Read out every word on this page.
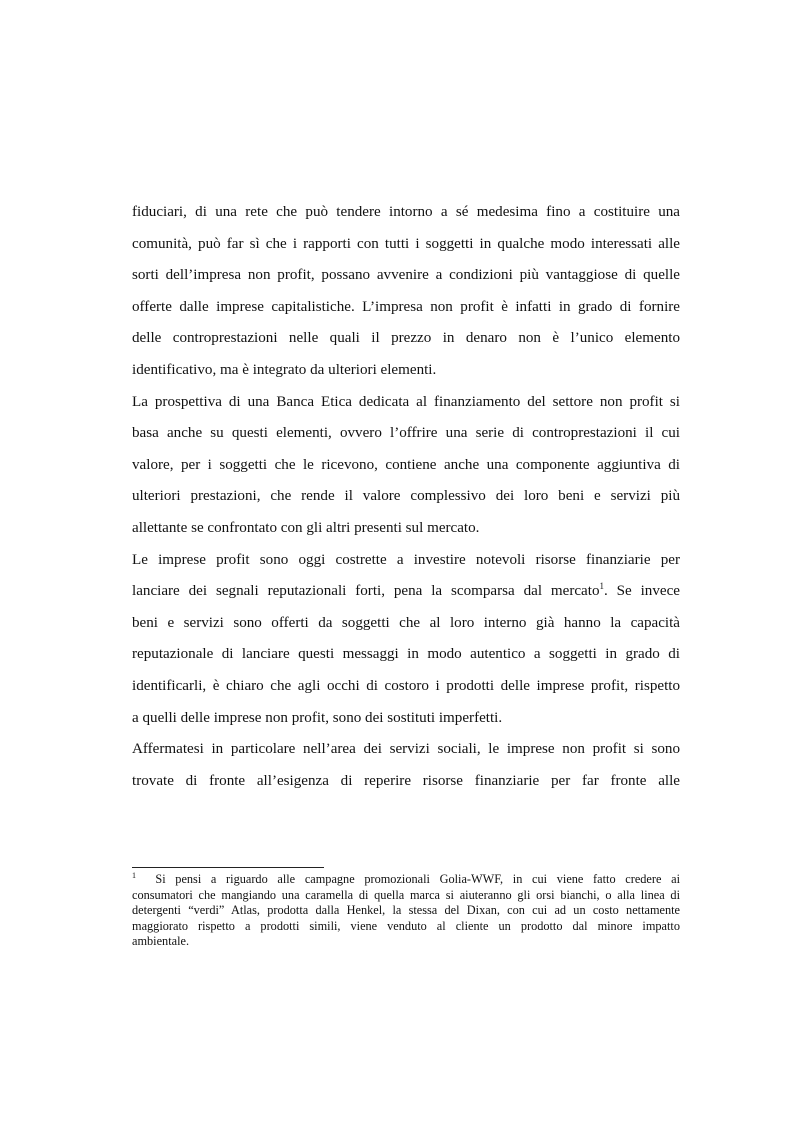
fiduciari, di una rete che può tendere intorno a sé medesima fino a costituire una
comunità, può far sì che i rapporti con tutti i soggetti in qualche modo interessati alle
sorti dell’impresa non profit, possano avvenire a condizioni più vantaggiose di quelle
offerte dalle imprese capitalistiche. L’impresa non profit è infatti in grado di fornire
delle controprestazioni nelle quali il prezzo in denaro non è l’unico elemento
identificativo, ma è integrato da ulteriori elementi.
La prospettiva di una Banca Etica dedicata al finanziamento del settore non profit si
basa anche su questi elementi, ovvero l’offrire una serie di controprestazioni il cui
valore, per i soggetti che le ricevono, contiene anche una componente aggiuntiva di
ulteriori prestazioni, che rende il valore complessivo dei loro beni e servizi più
allettante se confrontato con gli altri presenti sul mercato.
Le imprese profit sono oggi costrette a investire notevoli risorse finanziarie per
lanciare dei segnali reputazionali forti, pena la scomparsa dal mercato$^1$. Se invece
beni e servizi sono offerti da soggetti che al loro interno già hanno la capacità
reputazionale di lanciare questi messaggi in modo autentico a soggetti in grado di
identificarli, è chiaro che agli occhi di costoro i prodotti delle imprese profit, rispetto
a quelli delle imprese non profit, sono dei sostituti imperfetti.
Affermatesi in particolare nell’area dei servizi sociali, le imprese non profit si sono
trovate di fronte all’esigenza di reperire risorse finanziarie per far fronte alle
$^1$ Si pensi a riguardo alle campagne promozionali Golia-WWF, in cui viene fatto credere ai
consumatori che mangiando una caramella di quella marca si aiuteranno gli orsi bianchi, o alla linea di
detergenti “verdi” Atlas, prodotta dalla Henkel, la stessa del Dixan, con cui ad un costo nettamente
maggiorato rispetto a prodotti simili, viene venduto al cliente un prodotto dal minore impatto
ambientale.
